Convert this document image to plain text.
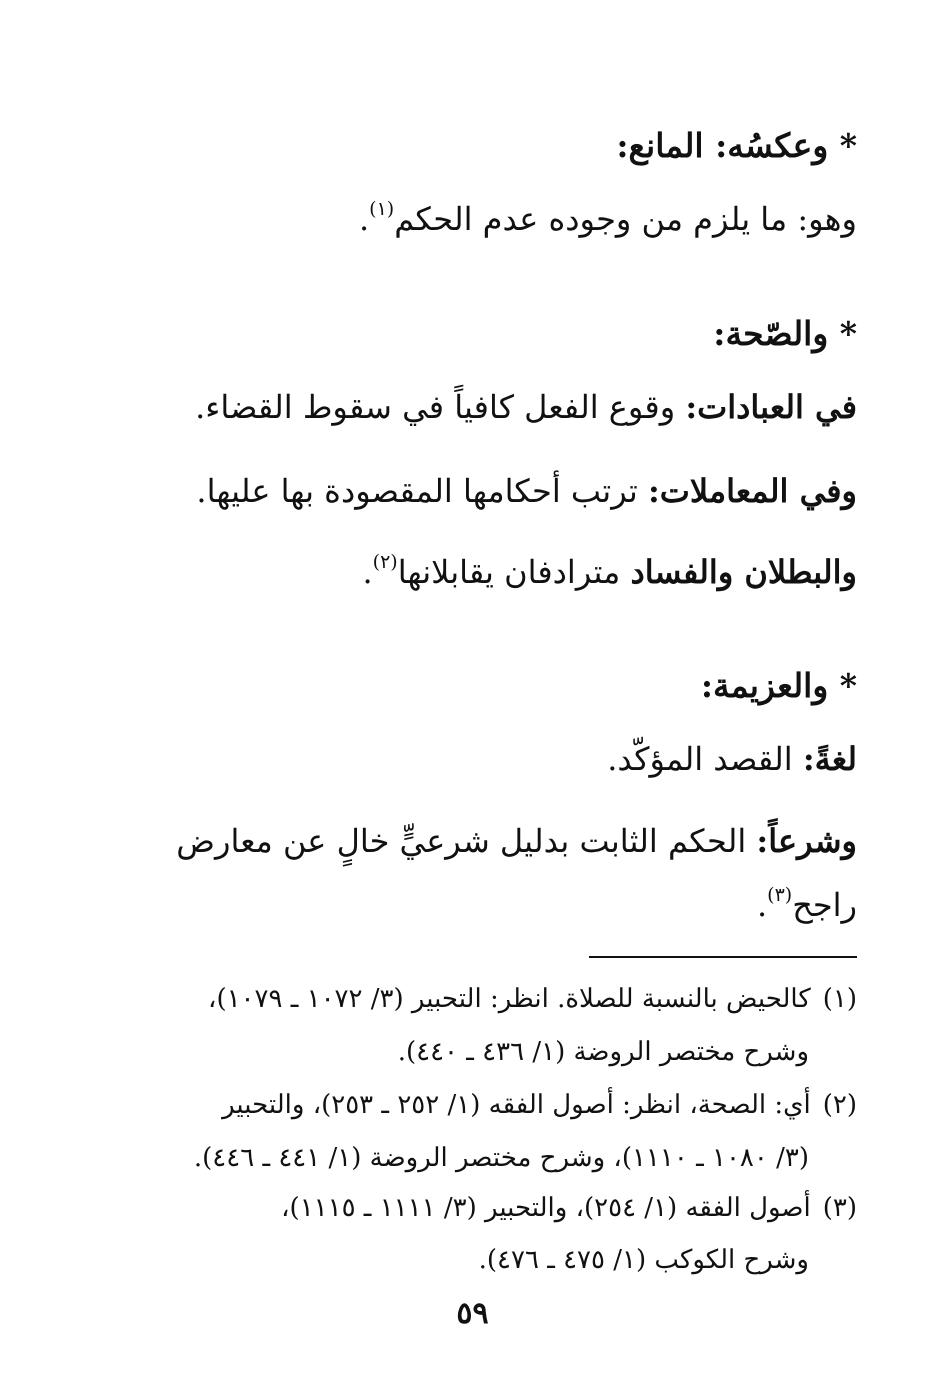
* وعكسُه: المانع:
وهو: ما يلزم من وجوده عدم الحكم$^{(١)}$.
* والصّحة:
في العبادات: وقوع الفعل كافياً في سقوط القضاء.
وفي المعاملات: ترتب أحكامها المقصودة بها عليها.
والبطلان والفساد مترادفان يقابلانها$^{(٢)}$.
* والعزيمة:
لغةً: القصد المؤكّد.
وشرعاً: الحكم الثابت بدليل شرعيٍّ خالٍ عن معارض
راجح$^{(٣)}$.
(١) كالحيض بالنسبة للصلاة. انظر: التحبير (٣/ ١٠٧٢ ـ ١٠٧٩)،
وشرح مختصر الروضة (١/ ٤٣٦ ـ ٤٤٠).
(٢) أي: الصحة، انظر: أصول الفقه (١/ ٢٥٢ ـ ٢٥٣)، والتحبير
(٣/ ١٠٨٠ ـ ١١١٠)، وشرح مختصر الروضة (١/ ٤٤١ ـ ٤٤٦).
(٣) أصول الفقه (١/ ٢٥٤)، والتحبير (٣/ ١١١١ ـ ١١١٥)،
وشرح الكوكب (١/ ٤٧٥ ـ ٤٧٦).
٥٩
